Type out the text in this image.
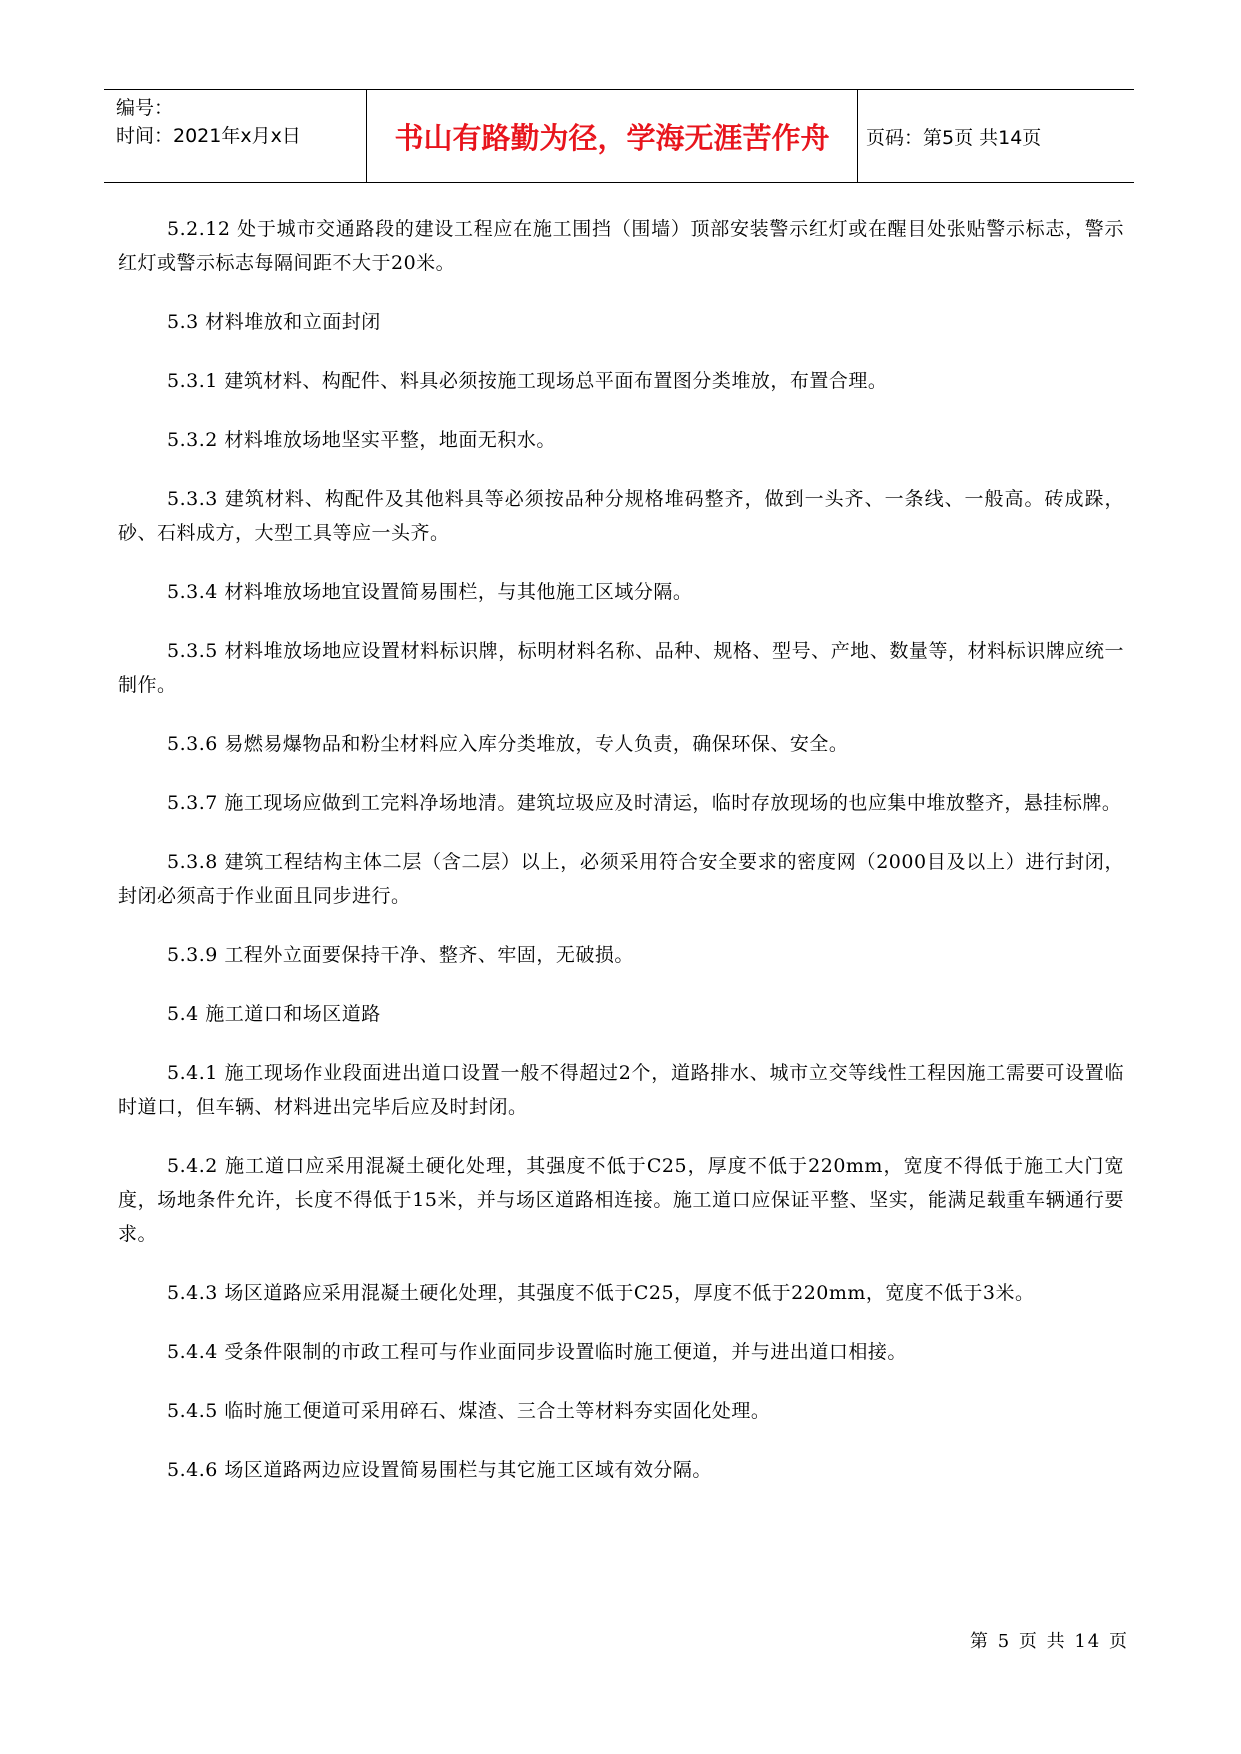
编号：
时间：2021年x月x日	书山有路勤为径，学海无涯苦作舟	页码：第5页 共14页

5.2.12 处于城市交通路段的建设工程应在施工围挡（围墙）顶部安装警示红灯或在醒目处张贴警示标志，警示红灯或警示标志每隔间距不大于20米。

5.3 材料堆放和立面封闭

5.3.1 建筑材料、构配件、料具必须按施工现场总平面布置图分类堆放，布置合理。

5.3.2 材料堆放场地坚实平整，地面无积水。

5.3.3 建筑材料、构配件及其他料具等必须按品种分规格堆码整齐，做到一头齐、一条线、一般高。砖成跺，砂、石料成方，大型工具等应一头齐。

5.3.4 材料堆放场地宜设置简易围栏，与其他施工区域分隔。

5.3.5 材料堆放场地应设置材料标识牌，标明材料名称、品种、规格、型号、产地、数量等，材料标识牌应统一制作。

5.3.6 易燃易爆物品和粉尘材料应入库分类堆放，专人负责，确保环保、安全。

5.3.7 施工现场应做到工完料净场地清。建筑垃圾应及时清运，临时存放现场的也应集中堆放整齐，悬挂标牌。

5.3.8 建筑工程结构主体二层（含二层）以上，必须采用符合安全要求的密度网（2000目及以上）进行封闭，封闭必须高于作业面且同步进行。

5.3.9 工程外立面要保持干净、整齐、牢固，无破损。

5.4 施工道口和场区道路

5.4.1 施工现场作业段面进出道口设置一般不得超过2个，道路排水、城市立交等线性工程因施工需要可设置临时道口，但车辆、材料进出完毕后应及时封闭。

5.4.2 施工道口应采用混凝土硬化处理，其强度不低于C25，厚度不低于220mm，宽度不得低于施工大门宽度，场地条件允许，长度不得低于15米，并与场区道路相连接。施工道口应保证平整、坚实，能满足载重车辆通行要求。

5.4.3 场区道路应采用混凝土硬化处理，其强度不低于C25，厚度不低于220mm，宽度不低于3米。

5.4.4 受条件限制的市政工程可与作业面同步设置临时施工便道，并与进出道口相接。

5.4.5 临时施工便道可采用碎石、煤渣、三合土等材料夯实固化处理。

5.4.6 场区道路两边应设置简易围栏与其它施工区域有效分隔。

第 5 页 共 14 页
